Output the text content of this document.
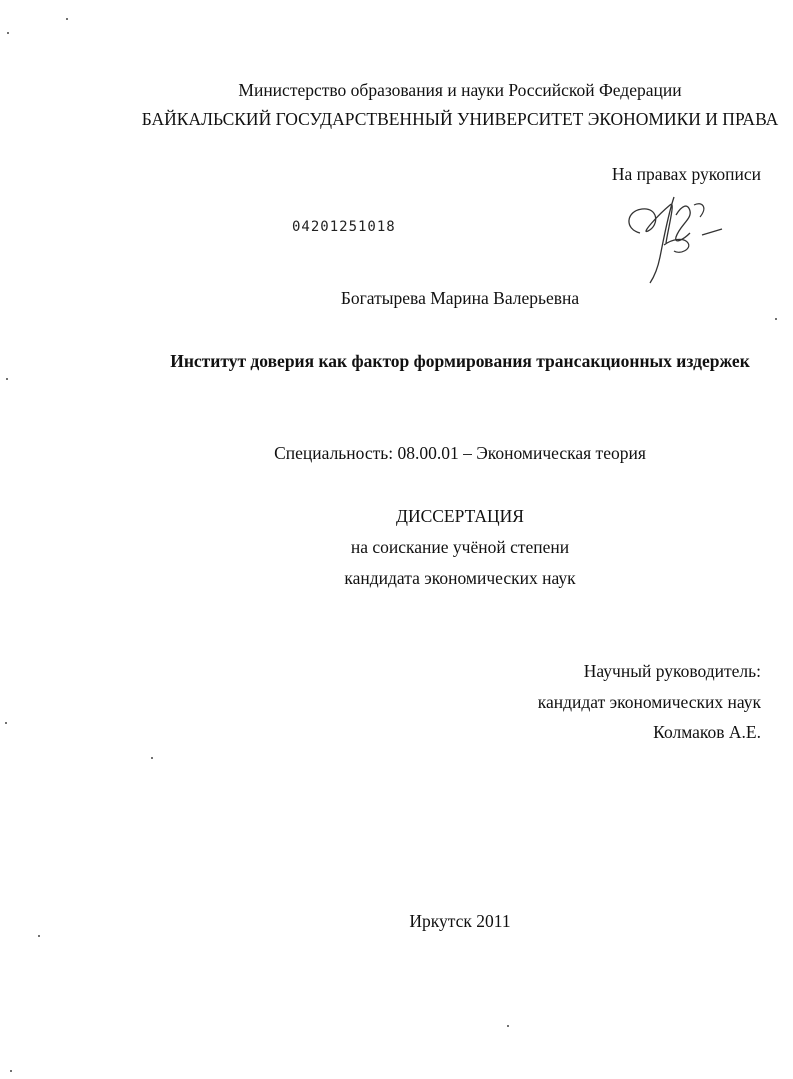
Министерство образования и науки Российской Федерации
БАЙКАЛЬСКИЙ ГОСУДАРСТВЕННЫЙ УНИВЕРСИТЕТ ЭКОНОМИКИ И ПРАВА
На правах рукописи
04201251018
Богатырева Марина Валерьевна
Институт доверия как фактор формирования трансакционных издержек
Специальность: 08.00.01 – Экономическая теория
ДИССЕРТАЦИЯ
на соискание учёной степени
кандидата экономических наук
Научный руководитель:
кандидат экономических наук
Колмаков А.Е.
Иркутск 2011
